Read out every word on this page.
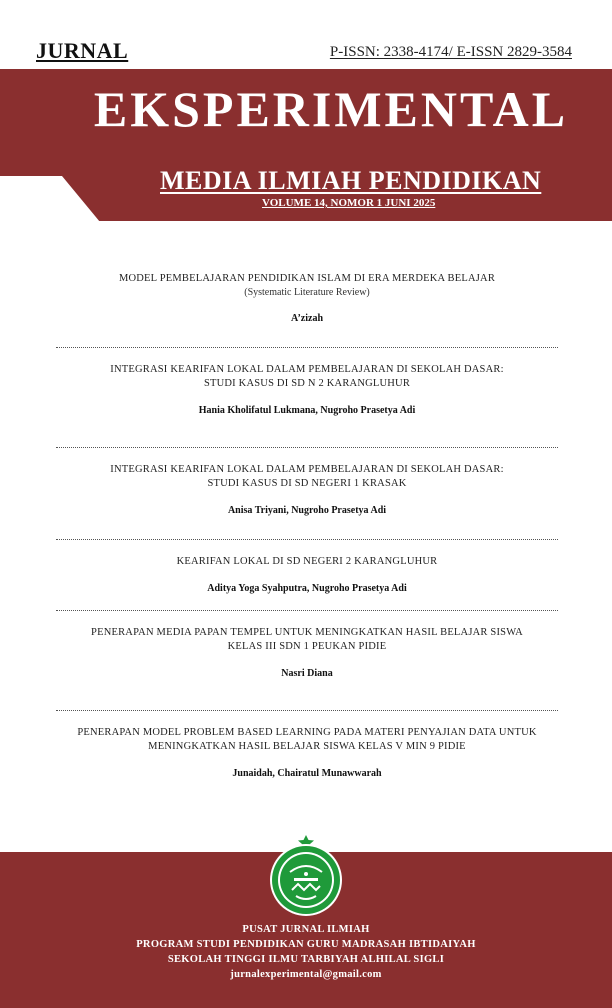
JURNAL	P-ISSN: 2338-4174/ E-ISSN 2829-3584
EKSPERIMENTAL
MEDIA ILMIAH PENDIDIKAN
VOLUME 14, NOMOR 1 JUNI 2025
MODEL PEMBELAJARAN PENDIDIKAN ISLAM DI ERA MERDEKA BELAJAR
(Systematic Literature Review)
A’zizah
INTEGRASI KEARIFAN LOKAL DALAM PEMBELAJARAN DI SEKOLAH DASAR:
STUDI KASUS DI SD N 2 KARANGLUHUR
Hania Kholifatul Lukmana, Nugroho Prasetya Adi
INTEGRASI KEARIFAN LOKAL DALAM PEMBELAJARAN DI SEKOLAH DASAR:
STUDI KASUS DI SD NEGERI 1 KRASAK
Anisa Triyani, Nugroho Prasetya Adi
KEARIFAN LOKAL DI SD NEGERI 2 KARANGLUHUR
Aditya Yoga Syahputra, Nugroho Prasetya Adi
PENERAPAN MEDIA PAPAN TEMPEL UNTUK MENINGKATKAN HASIL BELAJAR SISWA
KELAS III SDN 1 PEUKAN PIDIE
Nasri Diana
PENERAPAN MODEL PROBLEM BASED LEARNING PADA MATERI PENYAJIAN DATA UNTUK
MENINGKATKAN HASIL BELAJAR SISWA KELAS V MIN 9 PIDIE
Junaidah, Chairatul Munawwarah
PUSAT JURNAL ILMIAH
PROGRAM STUDI PENDIDIKAN GURU MADRASAH IBTIDAIYAH
SEKOLAH TINGGI ILMU TARBIYAH ALHILAL SIGLI
jurnalexperimental@gmail.com
